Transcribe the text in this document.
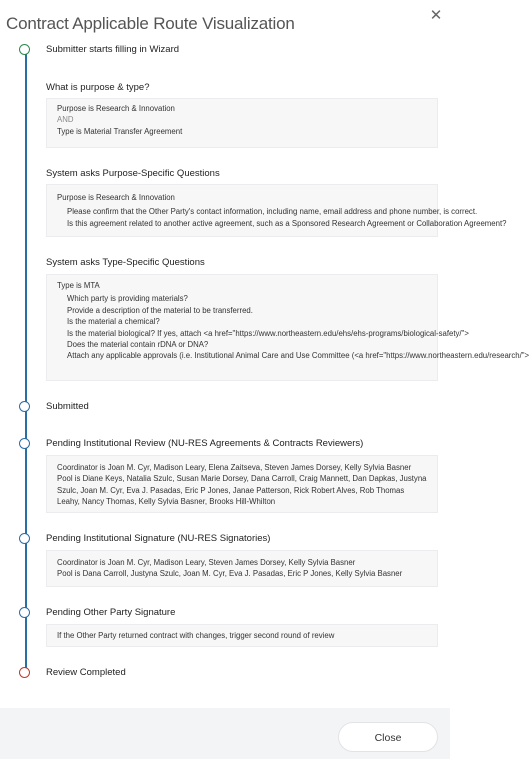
Contract Applicable Route Visualization	✕
Submitter starts filling in Wizard
What is purpose & type?
Purpose is Research & Innovation
AND
Type is Material Transfer Agreement
System asks Purpose-Specific Questions
Purpose is Research & Innovation
Please confirm that the Other Party's contact information, including name, email address and phone number, is correct.
Is this agreement related to another active agreement, such as a Sponsored Research Agreement or Collaboration Agreement?
System asks Type-Specific Questions
Type is MTA
Which party is providing materials?
Provide a description of the material to be transferred.
Is the material a chemical?
Is the material biological? If yes, attach <a href="https://www.northeastern.edu/ehs/ehs-programs/biological-safety/">
Does the material contain rDNA or DNA?
Attach any applicable approvals (i.e. Institutional Animal Care and Use Committee (<a href="https://www.northeastern.edu/research/">
Submitted
Pending Institutional Review (NU-RES Agreements & Contracts Reviewers)
Coordinator is Joan M. Cyr, Madison Leary, Elena Zaitseva, Steven James Dorsey, Kelly Sylvia Basner
Pool is Diane Keys, Natalia Szulc, Susan Marie Dorsey, Dana Carroll, Craig Mannett, Dan Dapkas, Justyna Szulc, Joan M. Cyr, Eva J. Pasadas, Eric P Jones, Janae Patterson, Rick Robert Alves, Rob Thomas Leahy, Nancy Thomas, Kelly Sylvia Basner, Brooks Hill-Whilton
Pending Institutional Signature (NU-RES Signatories)
Coordinator is Joan M. Cyr, Madison Leary, Steven James Dorsey, Kelly Sylvia Basner
Pool is Dana Carroll, Justyna Szulc, Joan M. Cyr, Eva J. Pasadas, Eric P Jones, Kelly Sylvia Basner
Pending Other Party Signature
If the Other Party returned contract with changes, trigger second round of review
Review Completed
Close
